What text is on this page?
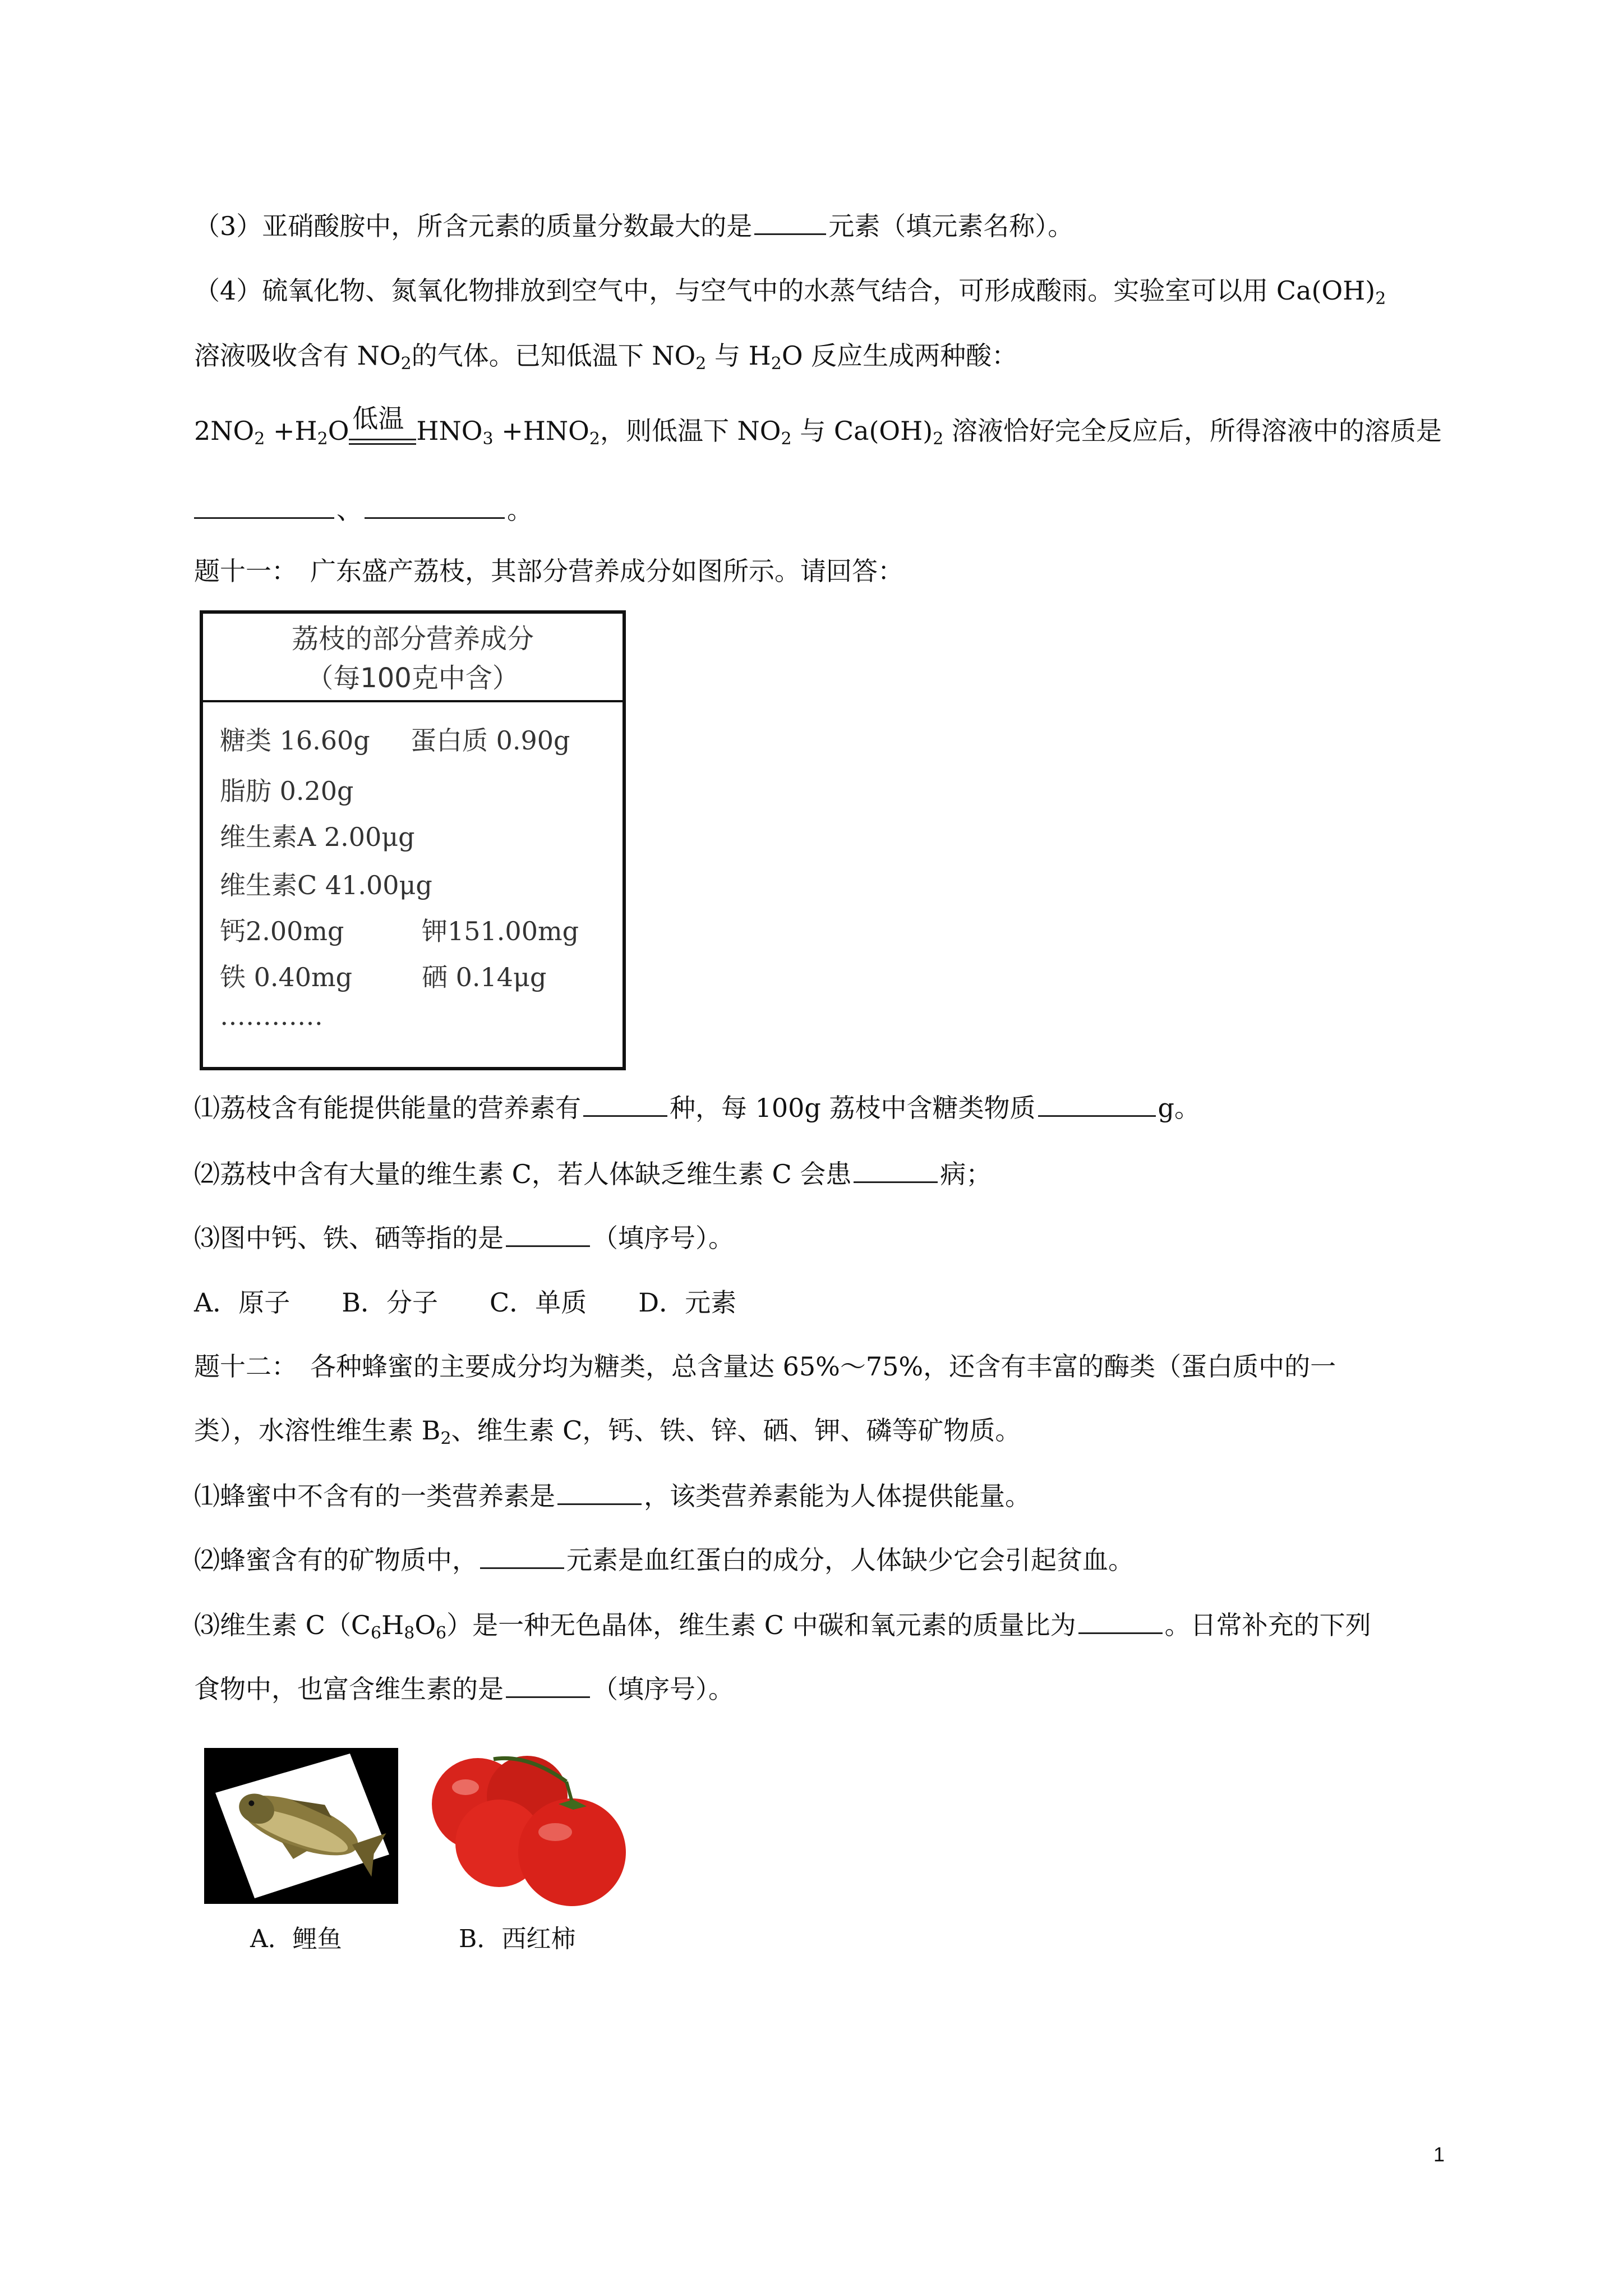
（3）亚硝酸胺中，所含元素的质量分数最大的是	元素（填元素名称）。
（4）硫氧化物、氮氧化物排放到空气中，与空气中的水蒸气结合，可形成酸雨。实验室可以用 $Ca(OH)_2$
溶液吸收含有 $NO_2$的气体。已知低温下 $NO_2$ 与 $H_2O$ 反应生成两种酸：
$2NO_2 +H_2O$ 低温 $HNO_3 +HNO_2$，则低温下 $NO_2$ 与 $Ca(OH)_2$ 溶液恰好完全反应后，所得溶液中的溶质是
、	。
题十一：　广东盛产荔枝，其部分营养成分如图所示。请回答：
荔枝的部分营养成分
（每100克中含）
糖类 16.60g 蛋白质 0.90g
脂肪 0.20g
维生素A 2.00μg
维生素C 41.00μg
钙2.00mg	钾151.00mg
铁 0.40mg	硒 0.14μg
…………
⑴荔枝含有能提供能量的营养素有	种，每 100g 荔枝中含糖类物质	g。
⑵荔枝中含有大量的维生素 C，若人体缺乏维生素 C 会患	病；
⑶图中钙、铁、硒等指的是	（填序号）。
A．原子　　B．分子　　C．单质　　D．元素
题十二：　各种蜂蜜的主要成分均为糖类，总含量达 65%～75%，还含有丰富的酶类（蛋白质中的一
类），水溶性维生素 $B_2$、维生素 C，钙、铁、锌、硒、钾、磷等矿物质。
⑴蜂蜜中不含有的一类营养素是	，该类营养素能为人体提供能量。
⑵蜂蜜含有的矿物质中，	元素是血红蛋白的成分，人体缺少它会引起贫血。
⑶维生素 $C(C_6H_8O_6)$是一种无色晶体，维生素 C 中碳和氧元素的质量比为	。日常补充的下列
食物中，也富含维生素的是	（填序号）。
A．鲤鱼	B．西红柿
1
